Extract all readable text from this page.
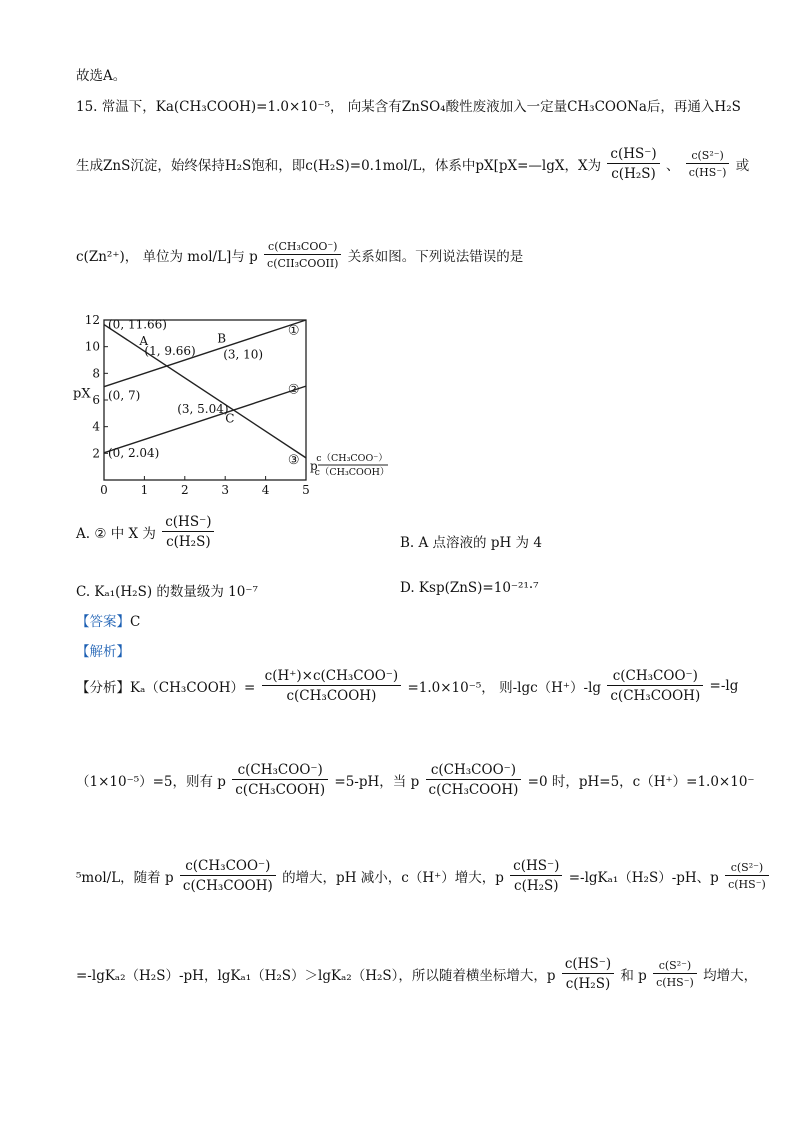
故选A。
15. 常温下，Ka(CH₃COOH)=1.0×10⁻⁵， 向某含有ZnSO₄酸性废液加入一定量CH₃COONa后，再通入H₂S
生成ZnS沉淀，始终保持H₂S饱和，即c(H₂S)=0.1mol/L，体系中pX[pX=—lgX，X为 $\frac{c(HS^-)}{\text{c(H₂S)}}$ 、 $\frac{\text{c(S²⁻)}}{c(HS^-)}$ 或
c(Zn²⁺)， 单位为 mol/L]与 p $\frac{\text{c(CH₃COO⁻)}}{\text{c(CII₃COOII)}}$ 关系如图。下列说法错误的是
0	1	2	3	4	5
2
4
6
8
10
12
pX
p
c（CH₃COO⁻）
c（CH₃COOH）
①
②
③
(0, 11.66)
A
(1, 9.66)
B
(3, 10)
(0, 7)
(3, 5.04)
C
(0, 2.04)
A. ② 中 X 为 $\frac{c(HS^-)}{\text{c(H₂S)}}$	B. A 点溶液的 pH 为 4
C. Kₐ₁(H₂S) 的数量级为 10⁻⁷	D. Ksp(ZnS)=10⁻²¹·⁷
【答案】C
【解析】
【分析】Kₐ（CH₃COOH）= $\frac{\text{c(H⁺)×c(CH₃COO⁻)}}{\text{c(CH₃COOH)}} =1.0\times 10^{-5}$， 则$-\lg c(H^+)-\lg \frac{\text{c(CH₃COO⁻)}}{\text{c(CH₃COOH)}} =-\lg$
（1×10⁻⁵）=5，则有 p $\frac{\text{c(CH₃COO⁻)}}{\text{c(CH₃COOH)}} =5-pH$，当 p $\frac{\text{c(CH₃COO⁻)}}{\text{c(CH₃COOH)}} =0$ 时，pH=5，c（H⁺）=1.0×10⁻
⁵mol/L，随着 p $\frac{\text{c(CH₃COO⁻)}}{\text{c(CH₃COOH)}}$ 的增大，pH 减小，c（H⁺）增大，p $\frac{c(HS^-)}{\text{c(H₂S)}} =-\lg K_{a1}(H_2S)-pH$、p $\frac{\text{c(S²⁻)}}{c(HS^-)}$
=-lgKₐ₂（H₂S）-pH，lgKₐ₁（H₂S）＞lgKₐ₂（H₂S），所以随着横坐标增大，p $\frac{c(HS^-)}{\text{c(H₂S)}}$ 和 p $\frac{\text{c(S²⁻)}}{c(HS^-)}$ 均增大，
